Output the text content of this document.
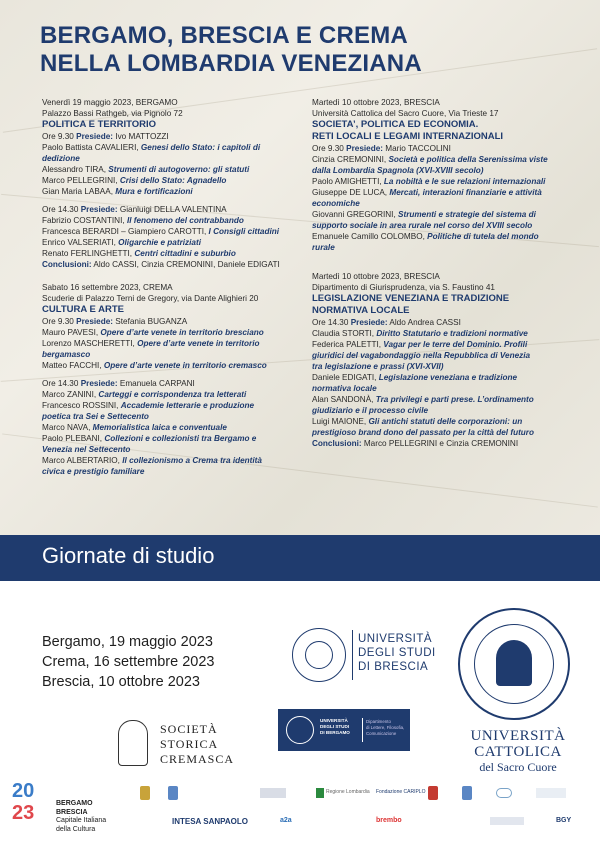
BERGAMO, BRESCIA E CREMA
NELLA LOMBARDIA VENEZIANA
Venerdì 19 maggio 2023, BERGAMO
Palazzo Bassi Rathgeb, via Pignolo 72
POLITICA E TERRITORIO
Ore 9.30 Presiede: Ivo MATTOZZI
Paolo Battista CAVALIERI, Genesi dello Stato: i capitoli di
dedizione
Alessandro TIRA, Strumenti di autogoverno: gli statuti
Marco PELLEGRINI, Crisi dello Stato: Agnadello
Gian Maria LABAA, Mura e fortificazioni
Ore 14.30 Presiede: Gianluigi DELLA VALENTINA
Fabrizio COSTANTINI, Il fenomeno del contrabbando
Francesca BERARDI – Giampiero CAROTTI, I Consigli cittadini
Enrico VALSERIATI, Oligarchie e patriziati
Renato FERLINGHETTI, Centri cittadini e suburbio
Conclusioni: Aldo CASSI, Cinzia CREMONINI, Daniele EDIGATI
Sabato 16 settembre 2023, CREMA
Scuderie di Palazzo Terni de Gregory, via Dante Alighieri 20
CULTURA E ARTE
Ore 9.30 Presiede: Stefania BUGANZA
Mauro PAVESI, Opere d’arte venete in territorio bresciano
Lorenzo MASCHERETTI, Opere d’arte venete in territorio
bergamasco
Matteo FACCHI, Opere d’arte venete in territorio cremasco
Ore 14.30 Presiede: Emanuela CARPANI
Marco ZANINI, Carteggi e corrispondenza tra letterati
Francesco ROSSINI, Accademie letterarie e produzione
poetica tra Sei e Settecento
Marco NAVA, Memorialistica laica e conventuale
Paolo PLEBANI, Collezioni e collezionisti tra Bergamo e
Venezia nel Settecento
Marco ALBERTARIO, Il collezionismo a Crema tra identità
civica e prestigio familiare
Martedì 10 ottobre 2023, BRESCIA
Università Cattolica del Sacro Cuore, Via Trieste 17
SOCIETA’, POLITICA ED ECONOMIA.
RETI LOCALI E LEGAMI INTERNAZIONALI
Ore 9.30 Presiede: Mario TACCOLINI
Cinzia CREMONINI, Società e politica della Serenissima viste
dalla Lombardia Spagnola (XVI-XVIII secolo)
Paolo AMIGHETTI, La nobiltà e le sue relazioni internazionali
Giuseppe DE LUCA, Mercati, interazioni finanziarie e attività
economiche
Giovanni GREGORINI, Strumenti e strategie del sistema di
supporto sociale in area rurale nel corso del XVIII secolo
Emanuele Camillo COLOMBO, Politiche di tutela del mondo
rurale
Martedì 10 ottobre 2023, BRESCIA
Dipartimento di Giurisprudenza, via S. Faustino 41
LEGISLAZIONE VENEZIANA E TRADIZIONE
NORMATIVA LOCALE
Ore 14.30 Presiede: Aldo Andrea CASSI
Claudia STORTI, Diritto Statutario e tradizioni normative
Federica PALETTI, Vagar per le terre del Dominio. Profili
giuridici del vagabondaggio nella Repubblica di Venezia
tra legislazione e prassi (XVI-XVII)
Daniele EDIGATI, Legislazione veneziana e tradizione
normativa locale
Alan SANDONÀ, Tra privilegi e parti prese. L’ordinamento
giudiziario e il processo civile
Luigi MAIONE, Gli antichi statuti delle corporazioni: un
prestigioso brand dono del passato per la città del futuro
Conclusioni: Marco PELLEGRINI e Cinzia CREMONINI
Giornate di studio
Bergamo, 19 maggio 2023
Crema, 16 settembre 2023
Brescia, 10 ottobre 2023
UNIVERSITÀ
DEGLI STUDI
DI BRESCIA
UNIVERSITÀ
CATTOLICA
del Sacro Cuore
SOCIETÀ
STORICA
CREMASCA
UNIVERSITÀ
DEGLI STUDI
DI BERGAMO
Dipartimento
di Lettere, Filosofia,
Comunicazione
20
23	BERGAMO
BRESCIA
Capitale Italiana
della Cultura
Regione Lombardia Fondazione CARIPLO
INTESA SANPAOLO	a2a	brembo	BGY
